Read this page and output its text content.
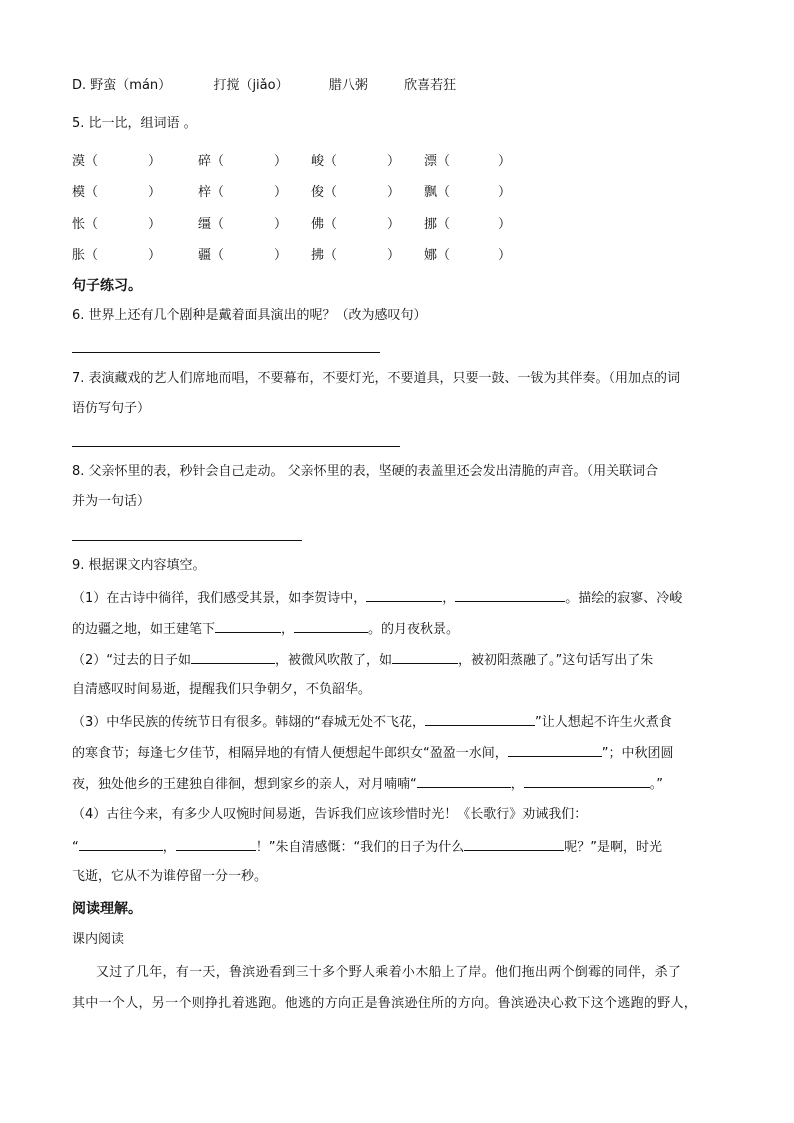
D. 野蛮（mán）	打搅（jiǎo）	腊八粥	欣喜若狂
5. 比一比，组词语 。
漠（	）	碎（	） 峻（	） 漂（	）
模（	）	梓（	） 俊（	） 飘（	）
怅（	）	缰（	） 佛（	） 挪（	）
胀（	）	疆（	） 拂（	） 娜（	）
句子练习。
6. 世界上还有几个剧种是戴着面具演出的呢？（改为感叹句）
7. 表演藏戏的艺人们席地而唱，不要幕布，不要灯光，不要道具，只要一鼓、一钹为其伴奏。（用加点的词
语仿写句子）
8. 父亲怀里的表，秒针会自己走动。 父亲怀里的表，坚硬的表盖里还会发出清脆的声音。（用关联词合
并为一句话）
9. 根据课文内容填空。
（1）在古诗中徜徉，我们感受其景，如李贺诗中，	，	。描绘的寂寥、冷峻
的边疆之地，如王建笔下	，	。的月夜秋景。
（2）“过去的日子如	，被微风吹散了，如	，被初阳蒸融了。”这句话写出了朱
自清感叹时间易逝，提醒我们只争朝夕，不负韶华。
（3）中华民族的传统节日有很多。韩翃的“春城无处不飞花，	”让人想起不许生火煮食
的寒食节；每逢七夕佳节，相隔异地的有情人便想起牛郎织女“盈盈一水间，	”；中秋团圆
夜，独处他乡的王建独自徘徊，想到家乡的亲人，对月喃喃“	，	。”
（4）古往今来，有多少人叹惋时间易逝，告诉我们应该珍惜时光！《长歌行》劝诫我们：
“	，	！”朱自清感慨：“我们的日子为什么	呢？”是啊，时光
飞逝，它从不为谁停留一分一秒。
阅读理解。
课内阅读
又过了几年，有一天，鲁滨逊看到三十多个野人乘着小木船上了岸。他们拖出两个倒霉的同伴，杀了
其中一个人，另一个则挣扎着逃跑。他逃的方向正是鲁滨逊住所的方向。鲁滨逊决心救下这个逃跑的野人，
